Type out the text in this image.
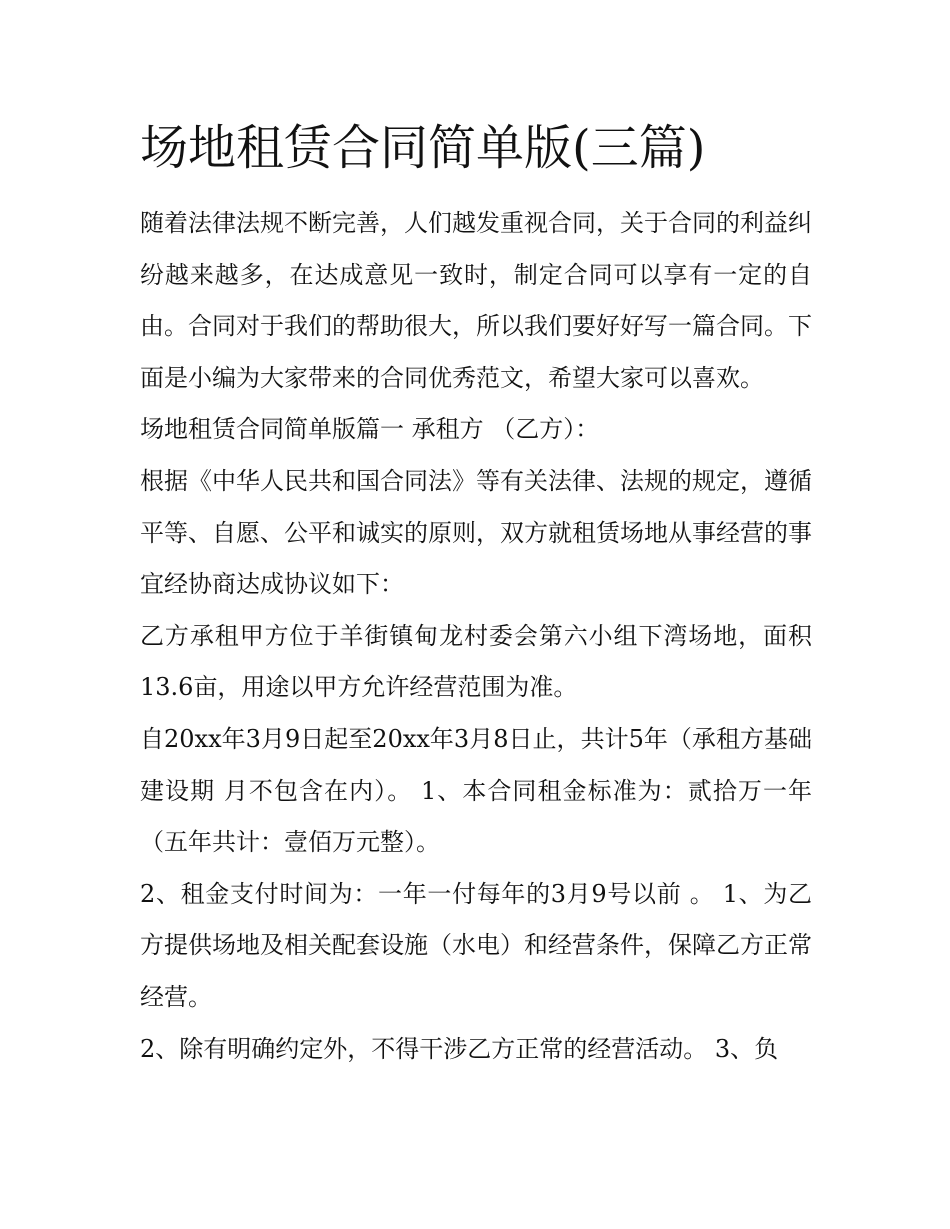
场地租赁合同简单版(三篇)

随着法律法规不断完善，人们越发重视合同，关于合同的利益纠纷越来越多，在达成意见一致时，制定合同可以享有一定的自由。合同对于我们的帮助很大，所以我们要好好写一篇合同。下面是小编为大家带来的合同优秀范文，希望大家可以喜欢。

场地租赁合同简单版篇一 承租方 （乙方）：

根据《中华人民共和国合同法》等有关法律、法规的规定，遵循平等、自愿、公平和诚实的原则，双方就租赁场地从事经营的事宜经协商达成协议如下：

乙方承租甲方位于羊街镇甸龙村委会第六小组下湾场地，面积13.6亩，用途以甲方允许经营范围为准。

自20xx年3月9日起至20xx年3月8日止，共计5年（承租方基础建设期 月不包含在内）。 1、本合同租金标准为：贰拾万一年（五年共计：壹佰万元整）。

2、租金支付时间为：一年一付每年的3月9号以前 。 1、为乙方提供场地及相关配套设施（水电）和经营条件，保障乙方正常经营。

2、除有明确约定外，不得干涉乙方正常的经营活动。 3、负
